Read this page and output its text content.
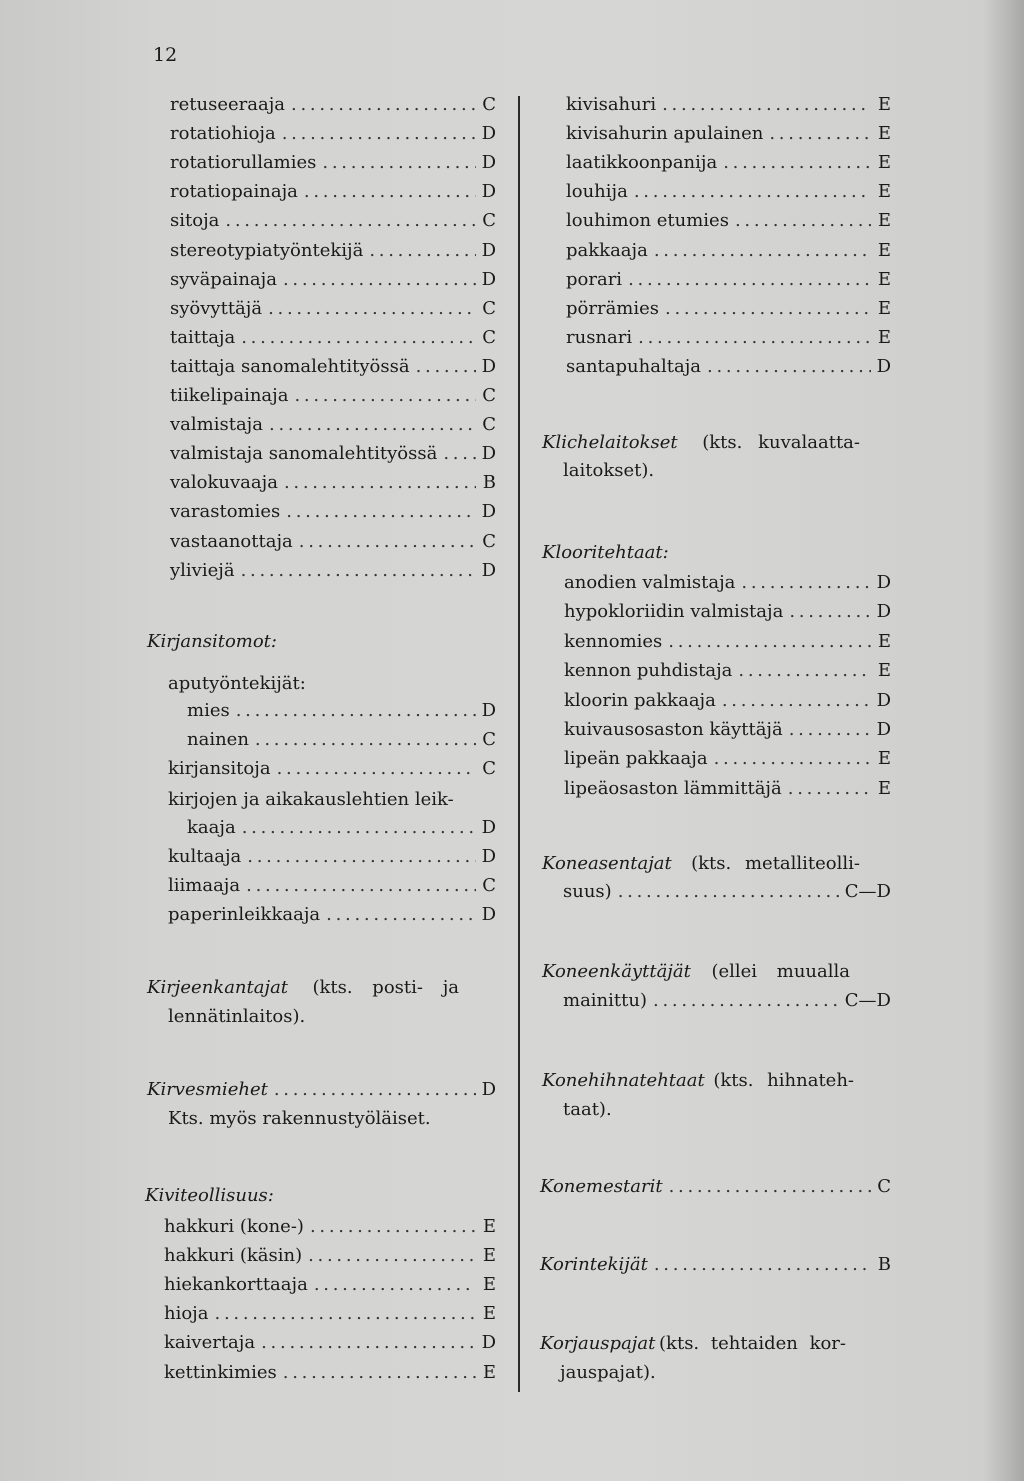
12
retuseeraaja . . .	C
rotatiohioja . . .	D
rotatiorullamies . . .	D
rotatiopainaja . . .	D
sitoja . . .	C
stereotypiatyöntekijä . . .	D
syväpainaja . . .	D
syövyttäjä . . .	C
taittaja . . .	C
taittaja sanomalehtityössä . . .	D
tiikelipainaja . . .	C
valmistaja . . .	C
valmistaja sanomalehtityössä . . . D
valokuvaaja . . .	B
varastomies . . .	D
vastaanottaja . . .	C
yliviejä . . .	D
Kirjansitomot:
aputyöntekijät:
mies . . .	D
nainen . . .	C
kirjansitoja . . .	C
kirjojen ja aikakauslehtien leik-
kaaja . . .	D
kultaaja . . .	D
liimaaja . . .	C
paperinleikkaaja . . .	D
Kirjeenkantajat (kts. posti- ja
lennätinlaitos).
Kirvesmiehet . . .	D
Kts. myös rakennustyöläiset.
Kiviteollisuus:
hakkuri (kone-) . . .	E
hakkuri (käsin) . . .	E
hiekankorttaaja . . .	E
hioja . . .	E
kaivertaja . . .	D
kettinkimies . . .	E
kivisahuri . . .	E
kivisahurin apulainen . . .	E
laatikkoonpanija . . .	E
louhija . . .	E
louhimon etumies . . .	E
pakkaaja . . .	E
porari . . .	E
pörrämies . . .	E
rusnari . . .	E
santapuhaltaja . . .	D
Klichelaitokset (kts. kuvalaatta-
laitokset).
Klooritehtaat:
anodien valmistaja . . .	D
hypokloriidin valmistaja . . .	D
kennomies . . .	E
kennon puhdistaja . . .	E
kloorin pakkaaja . . .	D
kuivausosaston käyttäjä . . .	D
lipeän pakkaaja . . .	E
lipeäosaston lämmittäjä . . .	E
Koneasentajat (kts. metalliteolli-
suus) . . .	C—D
Koneenkäyttäjät (ellei muualla
mainittu) . . .	C—D
Konehihnatehtaat (kts. hihnateh-
taat).
Konemestarit . . .	C
Korintekijät . . .	B
Korjauspajat (kts. tehtaiden kor-
jauspajat).
